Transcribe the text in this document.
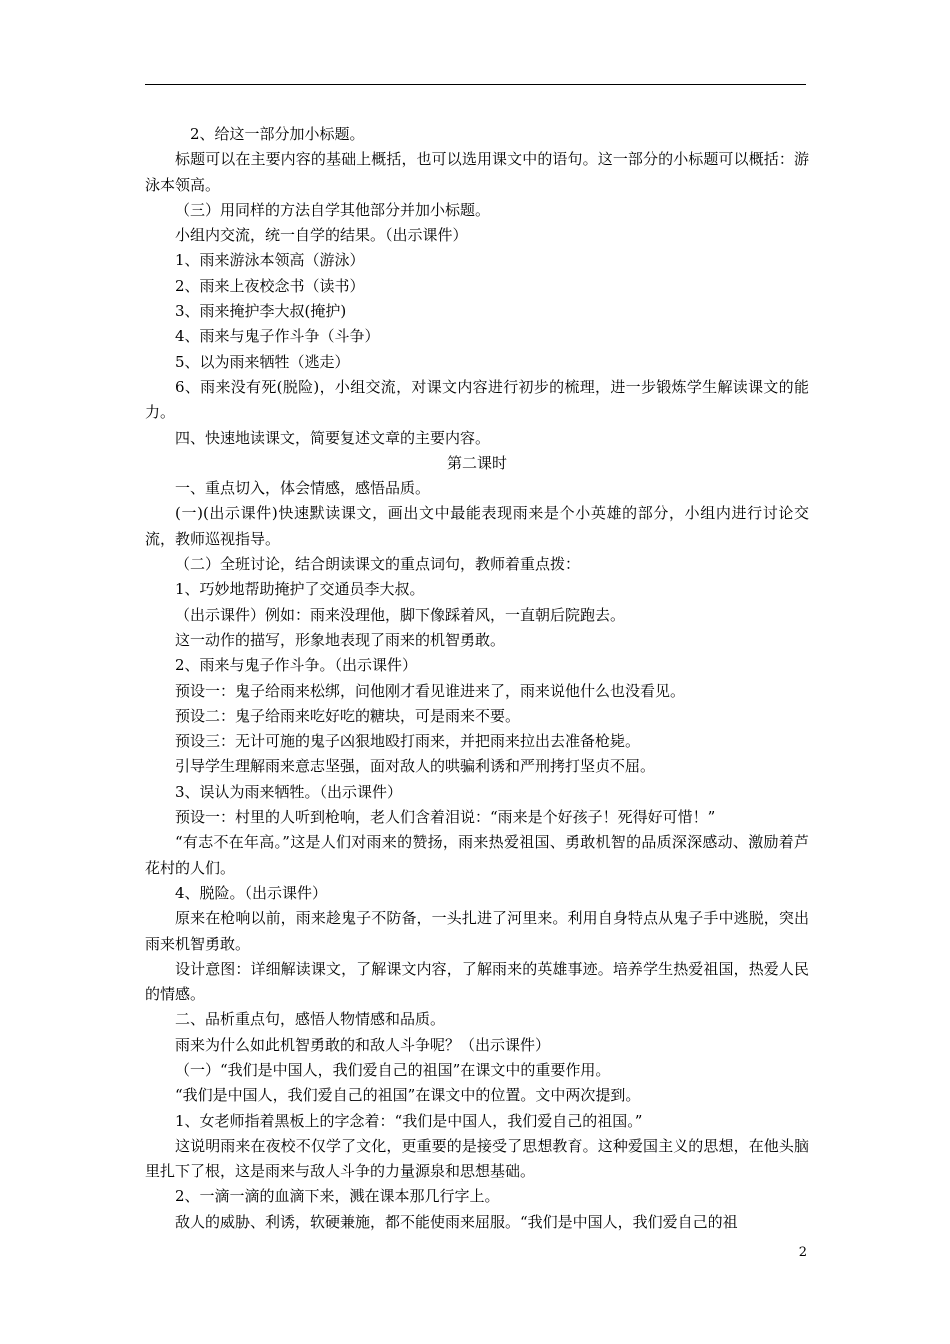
2、给这一部分加小标题。

标题可以在主要内容的基础上概括，也可以选用课文中的语句。这一部分的小标题可以概括：游泳本领高。

（三）用同样的方法自学其他部分并加小标题。

小组内交流，统一自学的结果。（出示课件）

1、雨来游泳本领高（游泳）

2、雨来上夜校念书（读书）

3、雨来掩护李大叔(掩护)

4、雨来与鬼子作斗争（斗争）

5、以为雨来牺牲（逃走）

6、雨来没有死(脱险)，小组交流，对课文内容进行初步的梳理，进一步锻炼学生解读课文的能力。

四、快速地读课文，简要复述文章的主要内容。

第二课时

一、重点切入，体会情感，感悟品质。

(一)(出示课件)快速默读课文，画出文中最能表现雨来是个小英雄的部分，小组内进行讨论交流，教师巡视指导。

（二）全班讨论，结合朗读课文的重点词句，教师着重点拨：

1、巧妙地帮助掩护了交通员李大叔。

（出示课件）例如：雨来没理他，脚下像踩着风，一直朝后院跑去。

这一动作的描写，形象地表现了雨来的机智勇敢。

2、雨来与鬼子作斗争。（出示课件）

预设一：鬼子给雨来松绑，问他刚才看见谁进来了，雨来说他什么也没看见。

预设二：鬼子给雨来吃好吃的糖块，可是雨来不要。

预设三：无计可施的鬼子凶狠地殴打雨来，并把雨来拉出去准备枪毙。

引导学生理解雨来意志坚强，面对敌人的哄骗利诱和严刑拷打坚贞不屈。

3、误认为雨来牺牲。（出示课件）

预设一：村里的人听到枪响，老人们含着泪说：“雨来是个好孩子！死得好可惜！”

“有志不在年高。”这是人们对雨来的赞扬，雨来热爱祖国、勇敢机智的品质深深感动、激励着芦花村的人们。

4、脱险。（出示课件）

原来在枪响以前，雨来趁鬼子不防备，一头扎进了河里来。利用自身特点从鬼子手中逃脱，突出雨来机智勇敢。

设计意图：详细解读课文，了解课文内容，了解雨来的英雄事迹。培养学生热爱祖国，热爱人民的情感。

二、品析重点句，感悟人物情感和品质。

雨来为什么如此机智勇敢的和敌人斗争呢？（出示课件）

（一）“我们是中国人，我们爱自己的祖国”在课文中的重要作用。

“我们是中国人，我们爱自己的祖国”在课文中的位置。文中两次提到。

1、女老师指着黑板上的字念着：“我们是中国人，我们爱自己的祖国。”

这说明雨来在夜校不仅学了文化，更重要的是接受了思想教育。这种爱国主义的思想，在他头脑里扎下了根，这是雨来与敌人斗争的力量源泉和思想基础。

2、一滴一滴的血滴下来，溅在课本那几行字上。

敌人的威胁、利诱，软硬兼施，都不能使雨来屈服。“我们是中国人，我们爱自己的祖

2
